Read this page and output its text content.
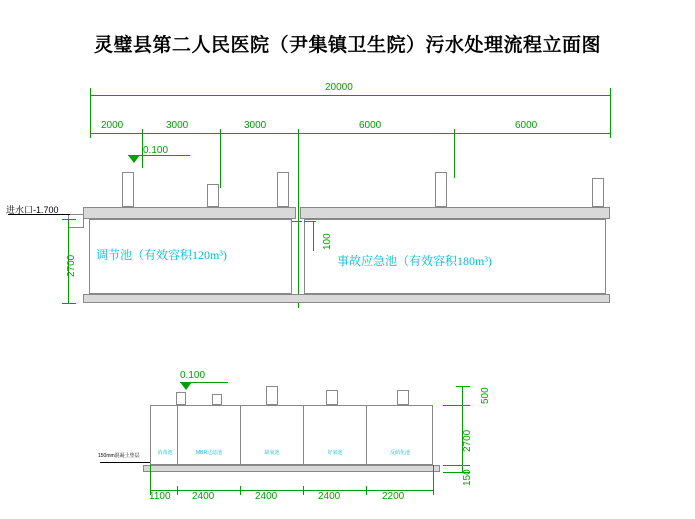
灵璧县第二人民医院（尹集镇卫生院）污水处理流程立面图
20000
2000	3000	3000	6000	6000
0.100
进水口-1.700
2700
100
调节池（有效容积120m³)	事故应急池（有效容积180m³)
0.100
消毒池	MBR过滤池	缺氧池	好氧池	反硝化池
150mm混凝土垫层
1100 2400	2400	2400	2200
500
2700
150
